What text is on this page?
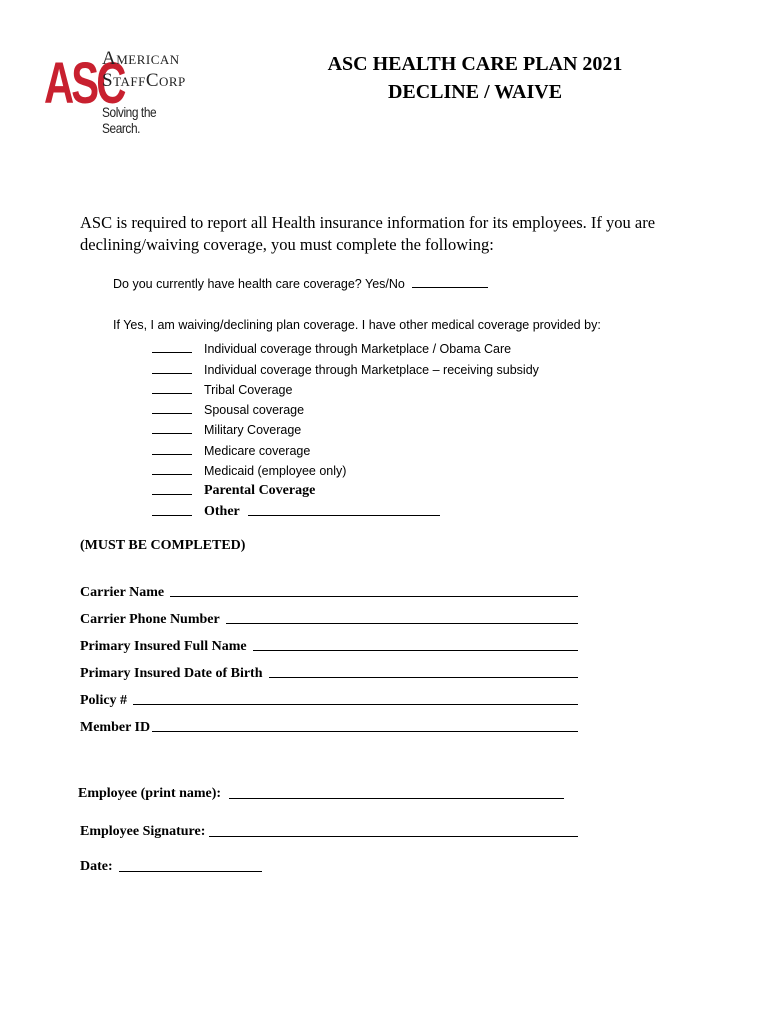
ASC
American
StaffCorp
Solving the Search.
ASC HEALTH CARE PLAN 2021
DECLINE / WAIVE
ASC is required to report all Health insurance information for its employees. If you are declining/waiving coverage, you must complete the following:
Do you currently have health care coverage? Yes/No
If Yes, I am waiving/declining plan coverage. I have other medical coverage provided by:
Individual coverage through Marketplace / Obama Care
Individual coverage through Marketplace – receiving subsidy
Tribal Coverage
Spousal coverage
Military Coverage
Medicare coverage
Medicaid (employee only)
Parental Coverage
Other
(MUST BE COMPLETED)
Carrier Name
Carrier Phone Number
Primary Insured Full Name
Primary Insured Date of Birth
Policy #
Member ID
Employee (print name):
Employee Signature:
Date:
